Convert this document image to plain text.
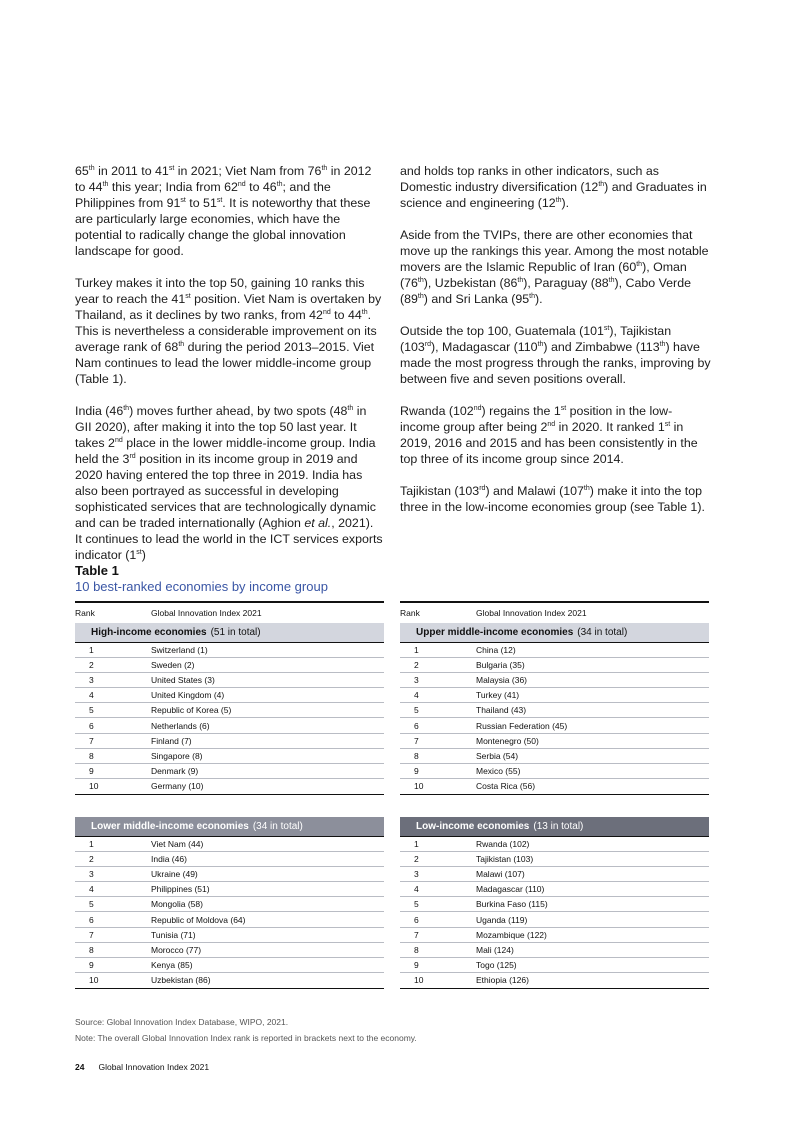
65th in 2011 to 41st in 2021; Viet Nam from 76th in 2012 to 44th this year; India from 62nd to 46th; and the Philippines from 91st to 51st. It is noteworthy that these are particularly large economies, which have the potential to radically change the global innovation landscape for good.

Turkey makes it into the top 50, gaining 10 ranks this year to reach the 41st position. Viet Nam is overtaken by Thailand, as it declines by two ranks, from 42nd to 44th. This is nevertheless a considerable improvement on its average rank of 68th during the period 2013–2015. Viet Nam continues to lead the lower middle-income group (Table 1).

India (46th) moves further ahead, by two spots (48th in GII 2020), after making it into the top 50 last year. It takes 2nd place in the lower middle-income group. India held the 3rd position in its income group in 2019 and 2020 having entered the top three in 2019. India has also been portrayed as successful in developing sophisticated services that are technologically dynamic and can be traded internationally (Aghion et al., 2021). It continues to lead the world in the ICT services exports indicator (1st)

and holds top ranks in other indicators, such as Domestic industry diversification (12th) and Graduates in science and engineering (12th).

Aside from the TVIPs, there are other economies that move up the rankings this year. Among the most notable movers are the Islamic Republic of Iran (60th), Oman (76th), Uzbekistan (86th), Paraguay (88th), Cabo Verde (89th) and Sri Lanka (95th).

Outside the top 100, Guatemala (101st), Tajikistan (103rd), Madagascar (110th) and Zimbabwe (113th) have made the most progress through the ranks, improving by between five and seven positions overall.

Rwanda (102nd) regains the 1st position in the low-income group after being 2nd in 2020. It ranked 1st in 2019, 2016 and 2015 and has been consistently in the top three of its income group since 2014.

Tajikistan (103rd) and Malawi (107th) make it into the top three in the low-income economies group (see Table 1).

Table 1
10 best-ranked economies by income group
Rank	Global Innovation Index 2021
High-income economies (51 in total)
1	Switzerland (1)
2	Sweden (2)
3	United States (3)
4	United Kingdom (4)
5	Republic of Korea (5)
6	Netherlands (6)
7	Finland (7)
8	Singapore (8)
9	Denmark (9)
10	Germany (10)
Rank	Global Innovation Index 2021
Upper middle-income economies (34 in total)
1	China (12)
2	Bulgaria (35)
3	Malaysia (36)
4	Turkey (41)
5	Thailand (43)
6	Russian Federation (45)
7	Montenegro (50)
8	Serbia (54)
9	Mexico (55)
10	Costa Rica (56)
Lower middle-income economies (34 in total)
1	Viet Nam (44)
2	India (46)
3	Ukraine (49)
4	Philippines (51)
5	Mongolia (58)
6	Republic of Moldova (64)
7	Tunisia (71)
8	Morocco (77)
9	Kenya (85)
10	Uzbekistan (86)
Low-income economies (13 in total)
1	Rwanda (102)
2	Tajikistan (103)
3	Malawi (107)
4	Madagascar (110)
5	Burkina Faso (115)
6	Uganda (119)
7	Mozambique (122)
8	Mali (124)
9	Togo (125)
10	Ethiopia (126)
Source: Global Innovation Index Database, WIPO, 2021.
Note: The overall Global Innovation Index rank is reported in brackets next to the economy.
24 Global Innovation Index 2021
